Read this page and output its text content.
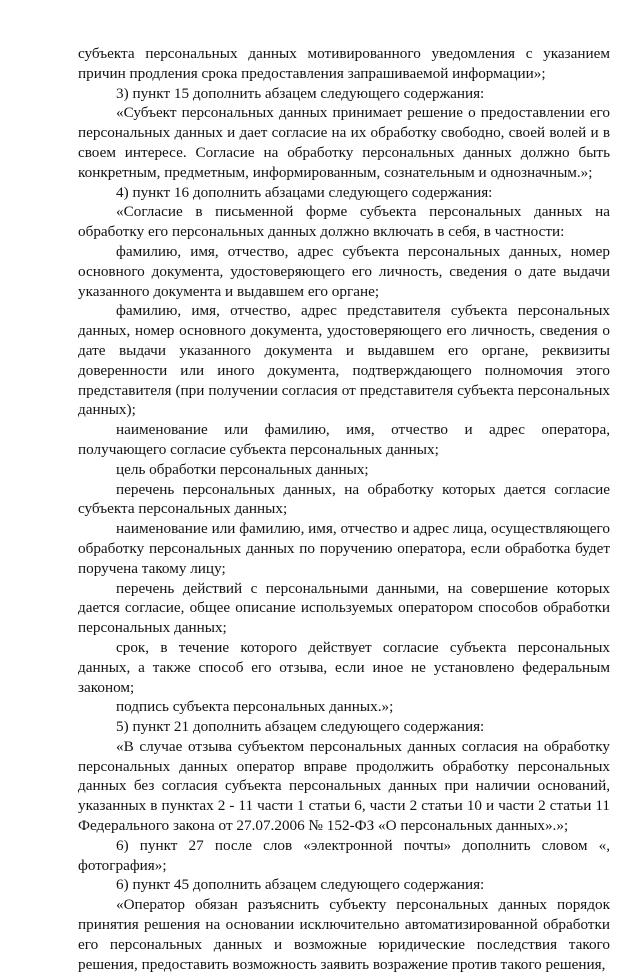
субъекта персональных данных мотивированного уведомления с указанием причин продления срока предоставления запрашиваемой информации»;

3) пункт 15 дополнить абзацем следующего содержания:

«Субъект персональных данных принимает решение о предоставлении его персональных данных и дает согласие на их обработку свободно, своей волей и в своем интересе. Согласие на обработку персональных данных должно быть конкретным, предметным, информированным, сознательным и однозначным.»;

4) пункт 16 дополнить абзацами следующего содержания:

«Согласие в письменной форме субъекта персональных данных на обработку его персональных данных должно включать в себя, в частности:

фамилию, имя, отчество, адрес субъекта персональных данных, номер основного документа, удостоверяющего его личность, сведения о дате выдачи указанного документа и выдавшем его органе;

фамилию, имя, отчество, адрес представителя субъекта персональных данных, номер основного документа, удостоверяющего его личность, сведения о дате выдачи указанного документа и выдавшем его органе, реквизиты доверенности или иного документа, подтверждающего полномочия этого представителя (при получении согласия от представителя субъекта персональных данных);

наименование или фамилию, имя, отчество и адрес оператора, получающего согласие субъекта персональных данных;

цель обработки персональных данных;

перечень персональных данных, на обработку которых дается согласие субъекта персональных данных;

наименование или фамилию, имя, отчество и адрес лица, осуществляющего обработку персональных данных по поручению оператора, если обработка будет поручена такому лицу;

перечень действий с персональными данными, на совершение которых дается согласие, общее описание используемых оператором способов обработки персональных данных;

срок, в течение которого действует согласие субъекта персональных данных, а также способ его отзыва, если иное не установлено федеральным законом;

подпись субъекта персональных данных.»;

5) пункт 21 дополнить абзацем следующего содержания:

«В случае отзыва субъектом персональных данных согласия на обработку персональных данных оператор вправе продолжить обработку персональных данных без согласия субъекта персональных данных при наличии оснований, указанных в пунктах 2 - 11 части 1 статьи 6, части 2 статьи 10 и части 2 статьи 11 Федерального закона от 27.07.2006 № 152-ФЗ «О персональных данных».»;

6) пункт 27 после слов «электронной почты» дополнить словом «, фотография»;

6) пункт 45 дополнить абзацем следующего содержания:

«Оператор обязан разъяснить субъекту персональных данных порядок принятия решения на основании исключительно автоматизированной обработки его персональных данных и возможные юридические последствия такого решения, предоставить возможность заявить возражение против такого решения,
